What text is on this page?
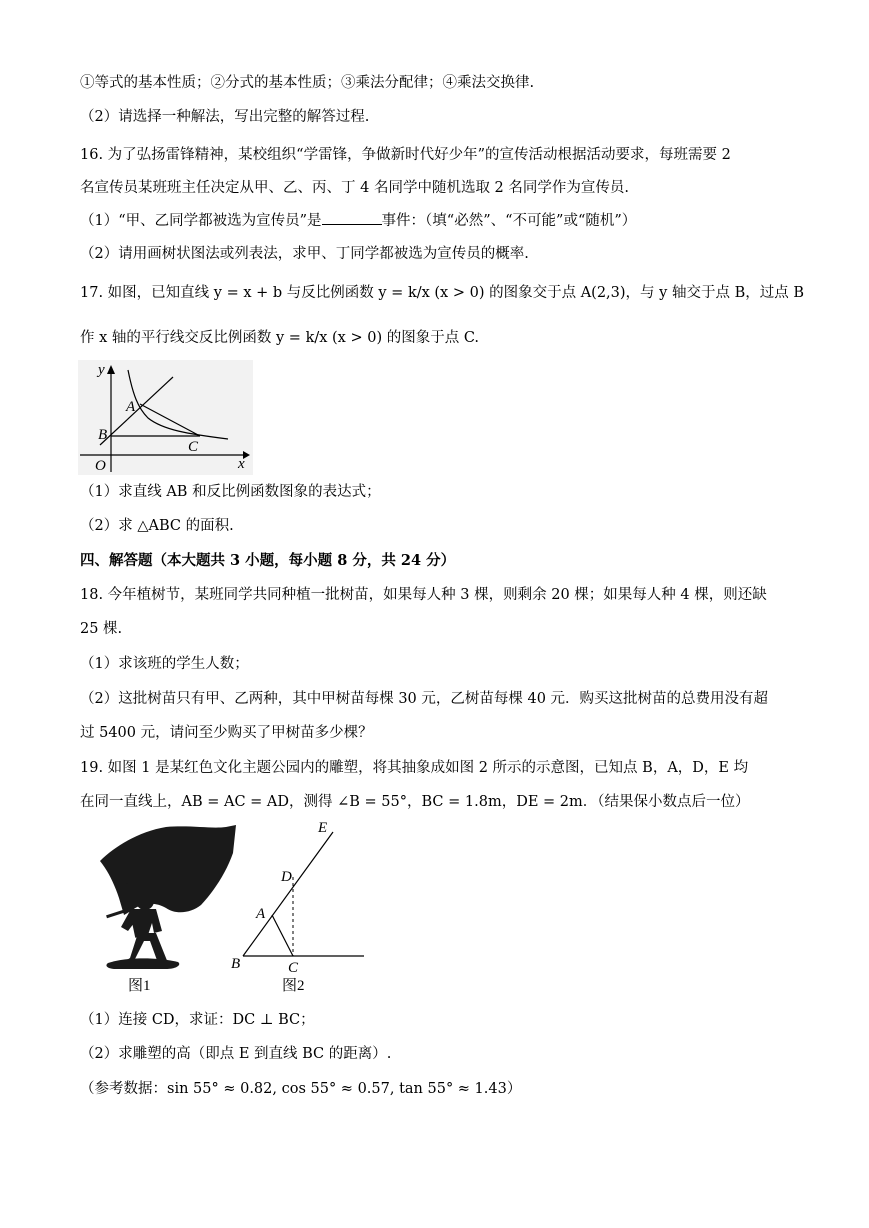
①等式的基本性质；②分式的基本性质；③乘法分配律；④乘法交换律.
（2）请选择一种解法，写出完整的解答过程.
16. 为了弘扬雷锋精神，某校组织“学雷锋，争做新时代好少年”的宣传活动根据活动要求，每班需要 2
名宣传员某班班主任决定从甲、乙、丙、丁 4 名同学中随机选取 2 名同学作为宣传员.
（1）“甲、乙同学都被选为宣传员”是	事件：（填“必然”、“不可能”或“随机”）
（2）请用画树状图法或列表法，求甲、丁同学都被选为宣传员的概率.
17. 如图，已知直线 y = x + b 与反比例函数 y = k/x (x > 0) 的图象交于点 A(2,3)，与 y 轴交于点 B，过点 B
作 x 轴的平行线交反比例函数 y = k/x (x > 0) 的图象于点 C.
y
x
O
A
B
C
（1）求直线 AB 和反比例函数图象的表达式；
（2）求 △ABC 的面积.
四、解答题（本大题共 3 小题，每小题 8 分，共 24 分）
18. 今年植树节，某班同学共同种植一批树苗，如果每人种 3 棵，则剩余 20 棵；如果每人种 4 棵，则还缺
25 棵.
（1）求该班的学生人数；
（2）这批树苗只有甲、乙两种，其中甲树苗每棵 30 元，乙树苗每棵 40 元．购买这批树苗的总费用没有超
过 5400 元，请问至少购买了甲树苗多少棵？
19. 如图 1 是某红色文化主题公园内的雕塑，将其抽象成如图 2 所示的示意图，已知点 B，A，D，E 均
在同一直线上，AB = AC = AD，测得 ∠B = 55°，BC = 1.8m，DE = 2m．（结果保小数点后一位）
图1
E
D
A
B	C
图2
（1）连接 CD，求证：DC ⊥ BC；
（2）求雕塑的高（即点 E 到直线 BC 的距离）.
（参考数据：sin 55° ≈ 0.82, cos 55° ≈ 0.57, tan 55° ≈ 1.43）
